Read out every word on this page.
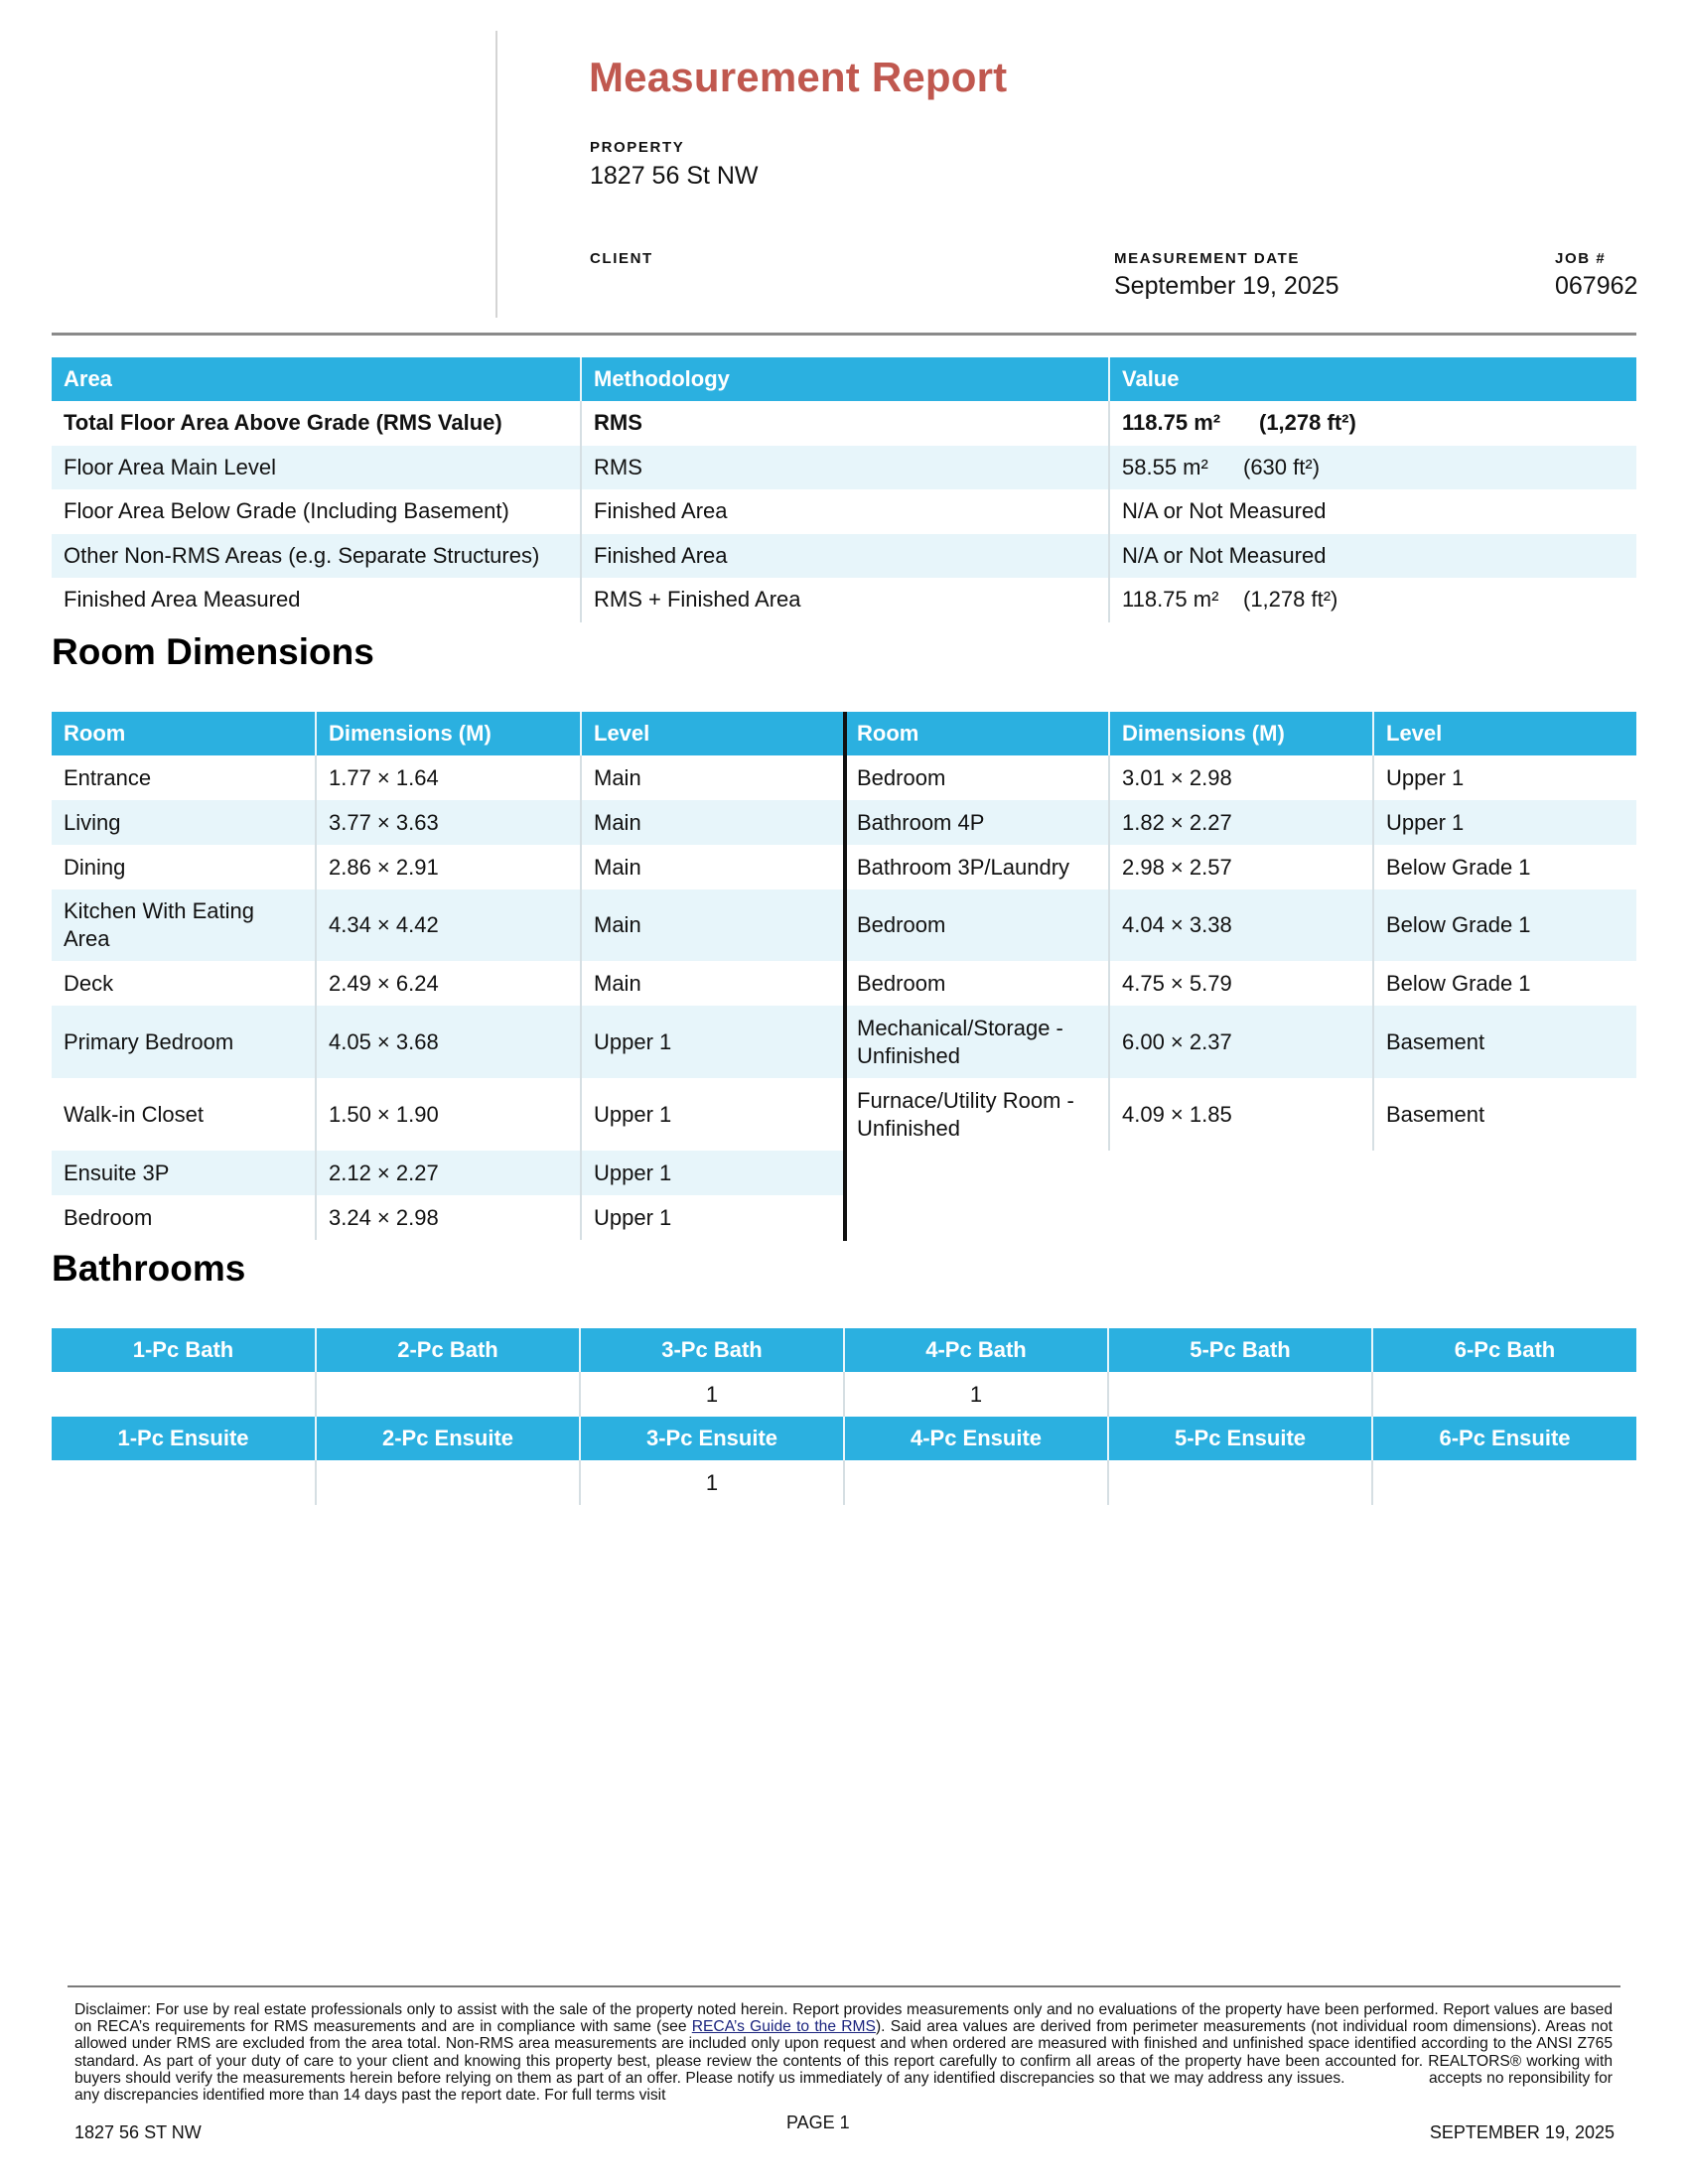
Measurement Report
PROPERTY
1827 56 St NW
CLIENT	MEASUREMENT DATE
September 19, 2025
JOB #
067962
Area	Methodology	Value
Total Floor Area Above Grade (RMS Value)	RMS	118.75 m² (1,278 ft²)
Floor Area Main Level	RMS	58.55 m² (630 ft²)
Floor Area Below Grade (Including Basement)	Finished Area	N/A or Not Measured
Other Non-RMS Areas (e.g. Separate Structures)	Finished Area	N/A or Not Measured
Finished Area Measured	RMS + Finished Area	118.75 m² (1,278 ft²)
Room Dimensions
Room	Dimensions (M)	Level
Entrance	1.77 × 1.64	Main
Living	3.77 × 3.63	Main
Dining	2.86 × 2.91	Main
Kitchen With Eating Area	4.34 × 4.42	Main
Deck	2.49 × 6.24	Main
Primary Bedroom	4.05 × 3.68	Upper 1
Walk-in Closet	1.50 × 1.90	Upper 1
Ensuite 3P	2.12 × 2.27	Upper 1
Bedroom	3.24 × 2.98	Upper 1
Room	Dimensions (M)	Level
Bedroom	3.01 × 2.98	Upper 1
Bathroom 4P	1.82 × 2.27	Upper 1
Bathroom 3P/Laundry	2.98 × 2.57	Below Grade 1
Bedroom	4.04 × 3.38	Below Grade 1
Bedroom	4.75 × 5.79	Below Grade 1
Mechanical/Storage - Unfinished	6.00 × 2.37	Basement
Furnace/Utility Room - Unfinished	4.09 × 1.85	Basement
Bathrooms
1-Pc Bath	2-Pc Bath	3-Pc Bath	4-Pc Bath	5-Pc Bath	6-Pc Bath
		1	1		
1-Pc Ensuite	2-Pc Ensuite	3-Pc Ensuite	4-Pc Ensuite	5-Pc Ensuite	6-Pc Ensuite
		1			
Disclaimer: For use by real estate professionals only to assist with the sale of the property noted herein. Report provides measurements only and no evaluations of the property have been performed. Report values are based on RECA’s requirements for RMS measurements and are in compliance with same (see RECA’s Guide to the RMS). Said area values are derived from perimeter measurements (not individual room dimensions). Areas not allowed under RMS are excluded from the area total. Non-RMS area measurements are included only upon request and when ordered are measured with finished and unfinished space identified according to the ANSI Z765 standard. As part of your duty of care to your client and knowing this property best, please review the contents of this report carefully to confirm all areas of the property have been accounted for. REALTORS® working with buyers should verify the measurements herein before relying on them as part of an offer. Please notify us immediately of any identified discrepancies so that we may address any issues.	accepts no reponsibility for any discrepancies identified more than 14 days past the report date. For full terms visit
1827 56 ST NW	PAGE 1	SEPTEMBER 19, 2025
